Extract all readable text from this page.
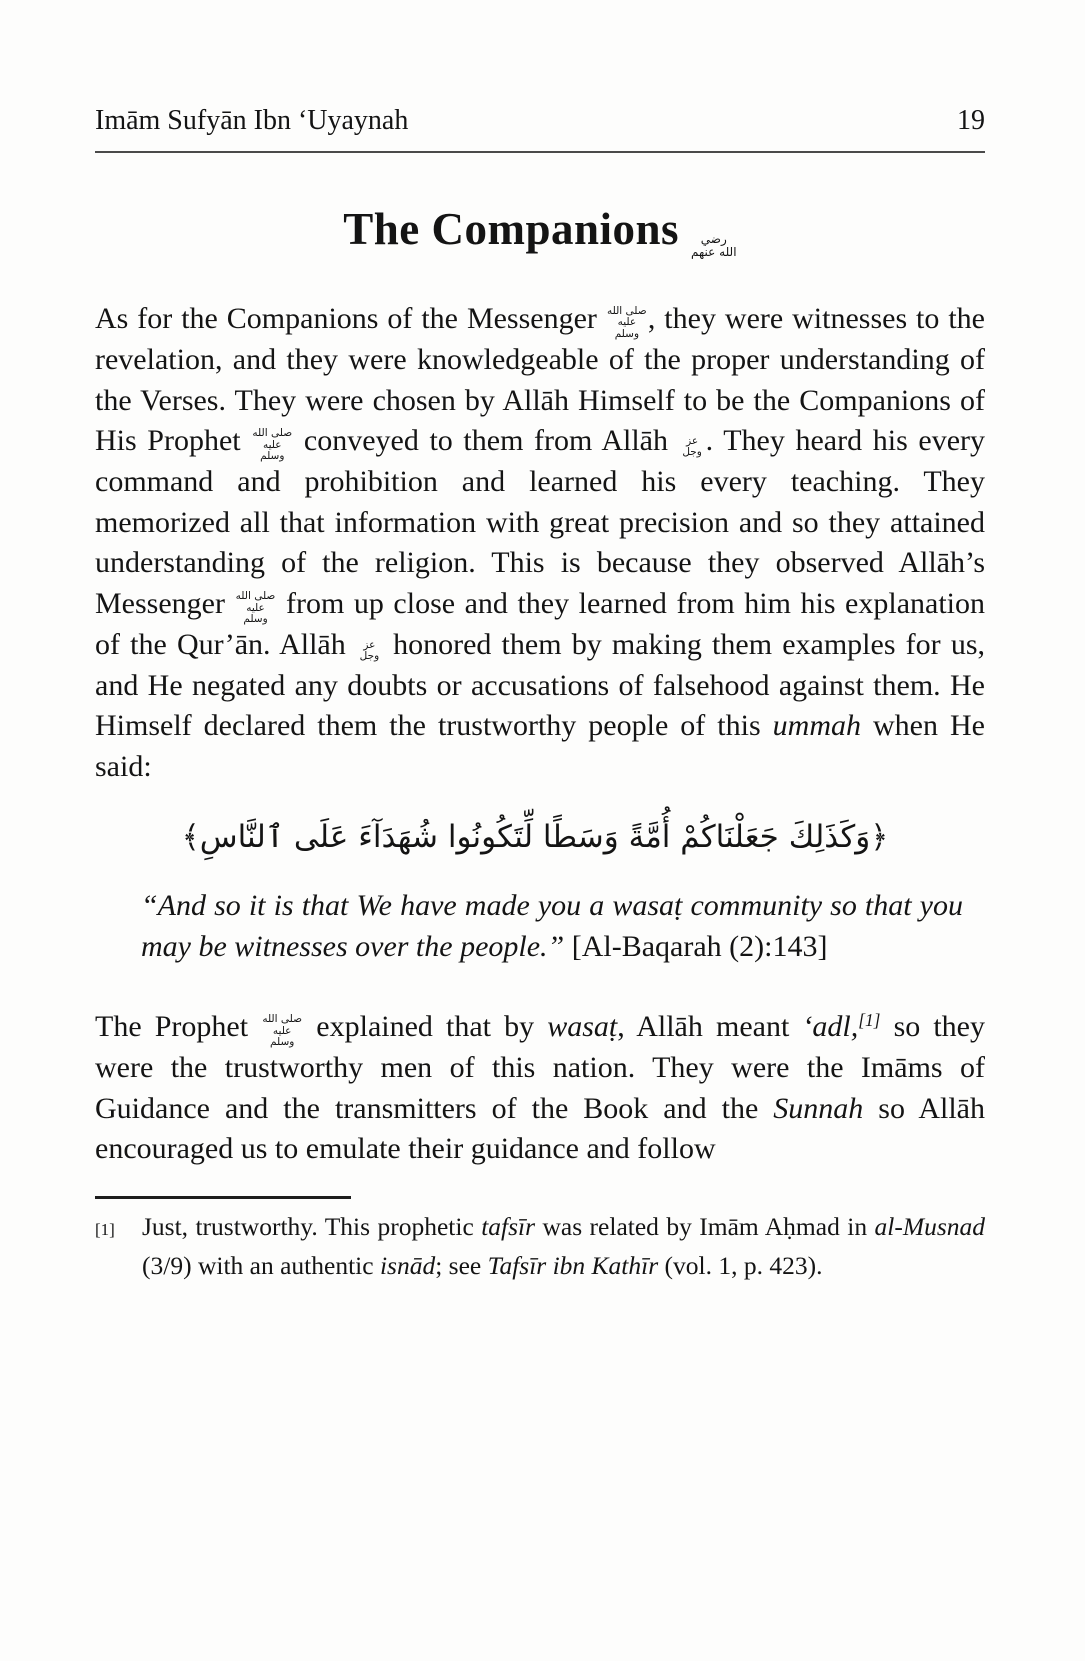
Imām Sufyān Ibn ‘Uyaynah	19
The Companions رضي الله عنهم

As for the Companions of the Messenger صلى الله عليه وسلم , they were witnesses to the revelation, and they were knowledgeable of the proper understanding of the Verses. They were chosen by Allāh Himself to be the Companions of His Prophet صلى الله عليه وسلم conveyed to them from Allāh عز وجل . They heard his every command and prohibition and learned his every teaching. They memorized all that information with great precision and so they attained understanding of the religion. This is because they observed Allāh’s Messenger صلى الله عليه وسلم from up close and they learned from him his explanation of the Qur’ān. Allāh عز وجل honored them by making them examples for us, and He negated any doubts or accusations of falsehood against them. He Himself declared them the trustworthy people of this ummah when He said:

﴿وَكَذَلِكَ جَعَلْنَاكُمْ أُمَّةً وَسَطًا لِّتَكُونُوا شُهَدَآءَ عَلَى ٱلنَّاسِ﴾

“And so it is that We have made you a wasaṭ community so that you may be witnesses over the people.” [Al-Baqarah (2):143]

The Prophet صلى الله عليه وسلم explained that by wasaṭ, Allāh meant ‘adl,[1] so they were the trustworthy men of this nation. They were the Imāms of Guidance and the transmitters of the Book and the Sunnah so Allāh encouraged us to emulate their guidance and follow

[1] Just, trustworthy. This prophetic tafsīr was related by Imām Aḥmad in al-Musnad (3/9) with an authentic isnād; see Tafsīr ibn Kathīr (vol. 1, p. 423).
